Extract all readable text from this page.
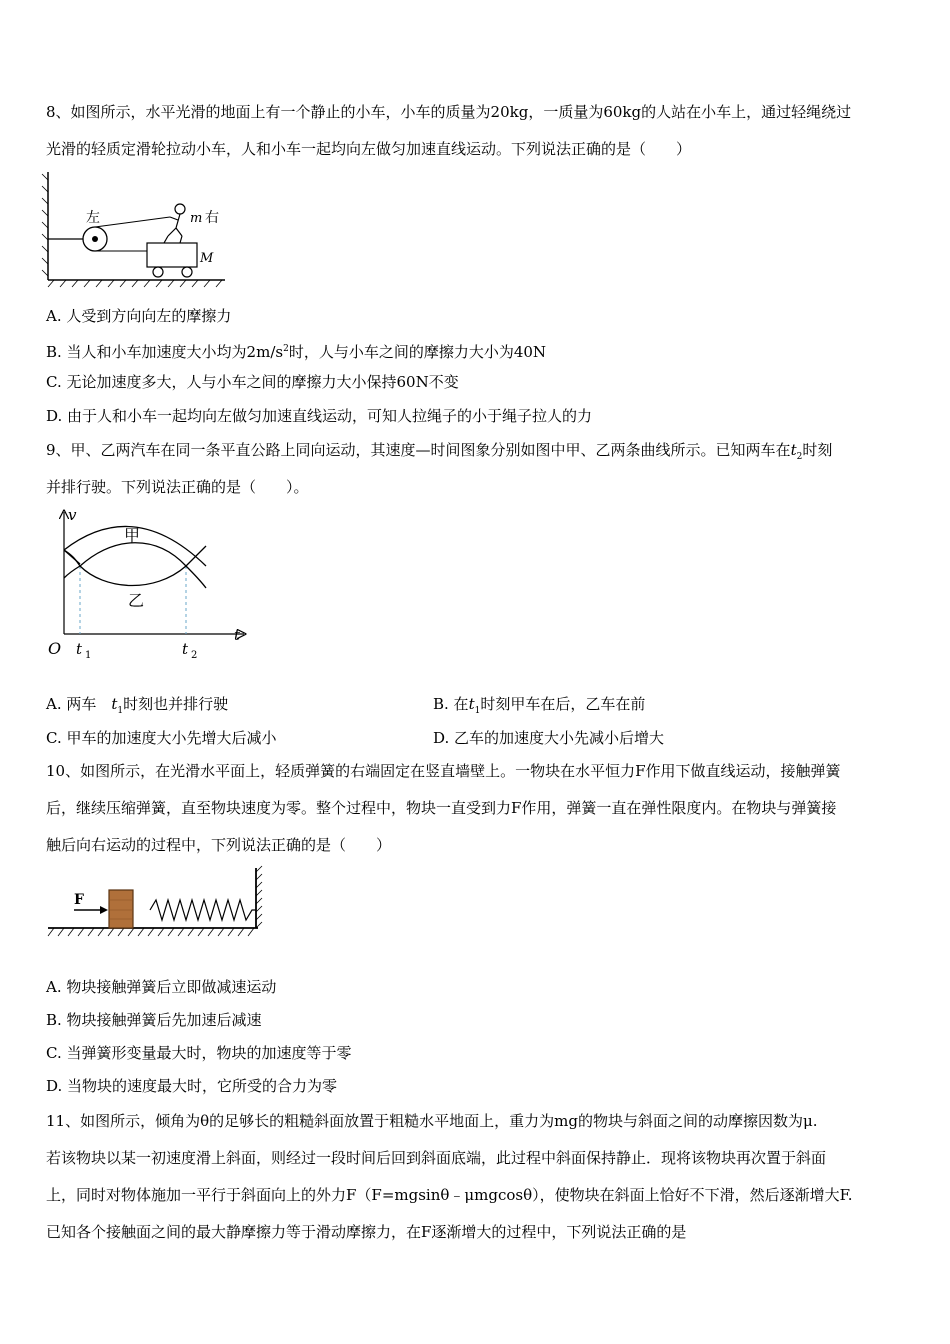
8、如图所示，水平光滑的地面上有一个静止的小车，小车的质量为20kg，一质量为60kg的人站在小车上，通过轻绳绕过
光滑的轻质定滑轮拉动小车，人和小车一起均向左做匀加速直线运动。下列说法正确的是（　　）
左	m 右
M
A. 人受到方向向左的摩擦力
B. 当人和小车加速度大小均为$2m/s^2$时，人与小车之间的摩擦力大小为40N
C. 无论加速度多大，人与小车之间的摩擦力大小保持60N不变
D. 由于人和小车一起均向左做匀加速直线运动，可知人拉绳子的小于绳子拉人的力
9、甲、乙两汽车在同一条平直公路上同向运动，其速度—时间图象分别如图中甲、乙两条曲线所示。已知两车在$t_2$时刻
并排行驶。下列说法正确的是（　　）。
甲
乙
v
t
O t 1	t 2
A. 两车　$t_1$时刻也并排行驶	B. 在$t_1$时刻甲车在后，乙车在前
C. 甲车的加速度大小先增大后减小	D. 乙车的加速度大小先减小后增大
10、如图所示，在光滑水平面上，轻质弹簧的右端固定在竖直墙壁上。一物块在水平恒力F作用下做直线运动，接触弹簧
后，继续压缩弹簧，直至物块速度为零。整个过程中，物块一直受到力F作用，弹簧一直在弹性限度内。在物块与弹簧接
触后向右运动的过程中，下列说法正确的是（　　）
F
A. 物块接触弹簧后立即做减速运动
B. 物块接触弹簧后先加速后减速
C. 当弹簧形变量最大时，物块的加速度等于零
D. 当物块的速度最大时，它所受的合力为零
11、如图所示，倾角为θ的足够长的粗糙斜面放置于粗糙水平地面上，重力为mg的物块与斜面之间的动摩擦因数为μ.
若该物块以某一初速度滑上斜面，则经过一段时间后回到斜面底端，此过程中斜面保持静止．现将该物块再次置于斜面
上，同时对物体施加一平行于斜面向上的外力F（F=mgsinθ﹣μmgcosθ），使物块在斜面上恰好不下滑，然后逐渐增大F.
已知各个接触面之间的最大静摩擦力等于滑动摩擦力，在F逐渐增大的过程中，下列说法正确的是
